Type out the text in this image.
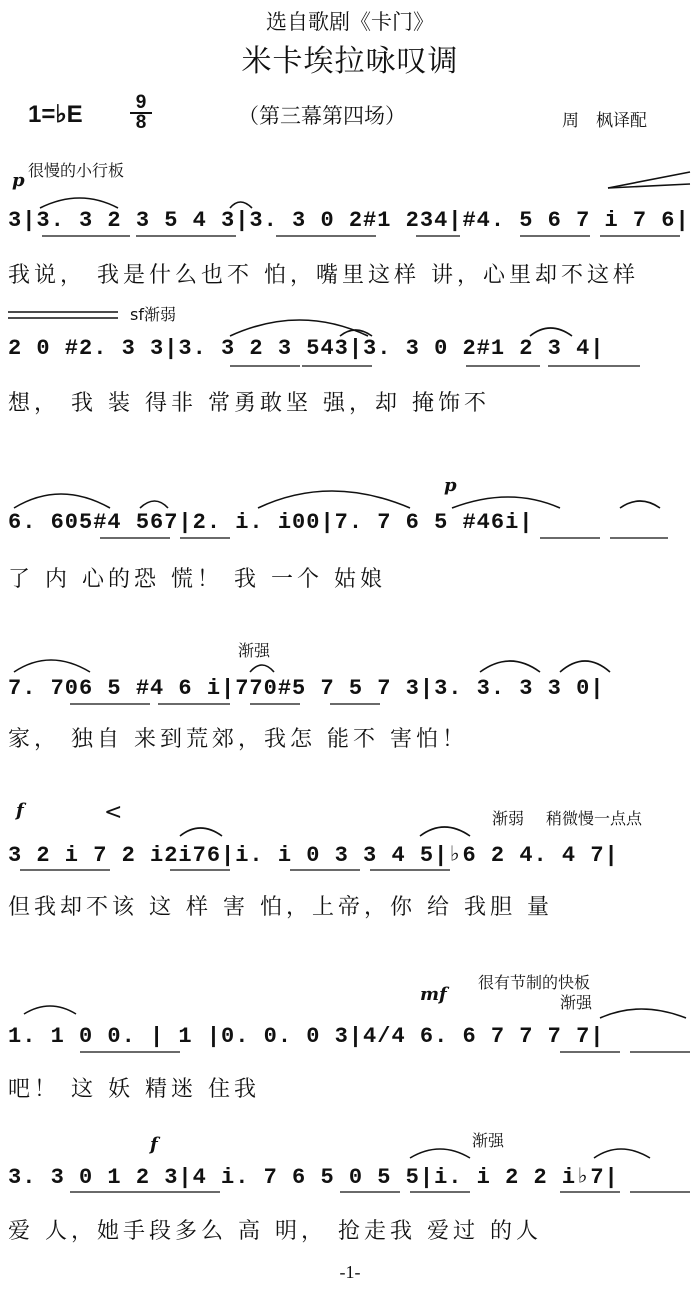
选自歌剧《卡门》
米卡埃拉咏叹调
1=♭E $\frac{9}{8}$	（第三幕第四场）	周　枫译配
p 很慢的小行板
3|3. 3 2 3 5 4 3|3. 3 0 2#1 234|#4. 5 6 7 i 7 6|
我说， 我是什么也不 怕，嘴里这样 讲，心里却不这样
sf渐弱
2 0 #2. 3 3|3. 3 2 3 543|3. 3 0 2#1 2 3 4|
想， 我 装 得非 常勇敢坚 强，却 掩饰不
p
6. 605#4 567|2. i. i00|7. 7 6 5 #46i|
了 内 心的恐 慌！ 我 一个 姑娘
渐强
7. 706 5 #4 6 i|770#5 7 5 7 3|3. 3. 3 3 0|
家， 独自 来到荒郊，我怎 能不 害怕！
f	<	渐弱 稍微慢一点点
3 2 i 7 2 i2i76|i. i 0 3 3 4 5|♭6 2 4. 4 7|
但我却不该 这 样 害 怕，上帝，你 给 我胆 量
很有节制的快板
渐强
mf
1. 1 0 0. | 1 |0. 0. 0 3|4/4 6. 6 7 7 7 7|
吧！ 这 妖 精迷 住我
渐强
f
3. 3 0 1 2 3|4 i. 7 6 5 0 5 5|i. i 2 2 i♭7|
爱 人，她手段多么 高 明， 抢走我 爱过 的人
-1-
